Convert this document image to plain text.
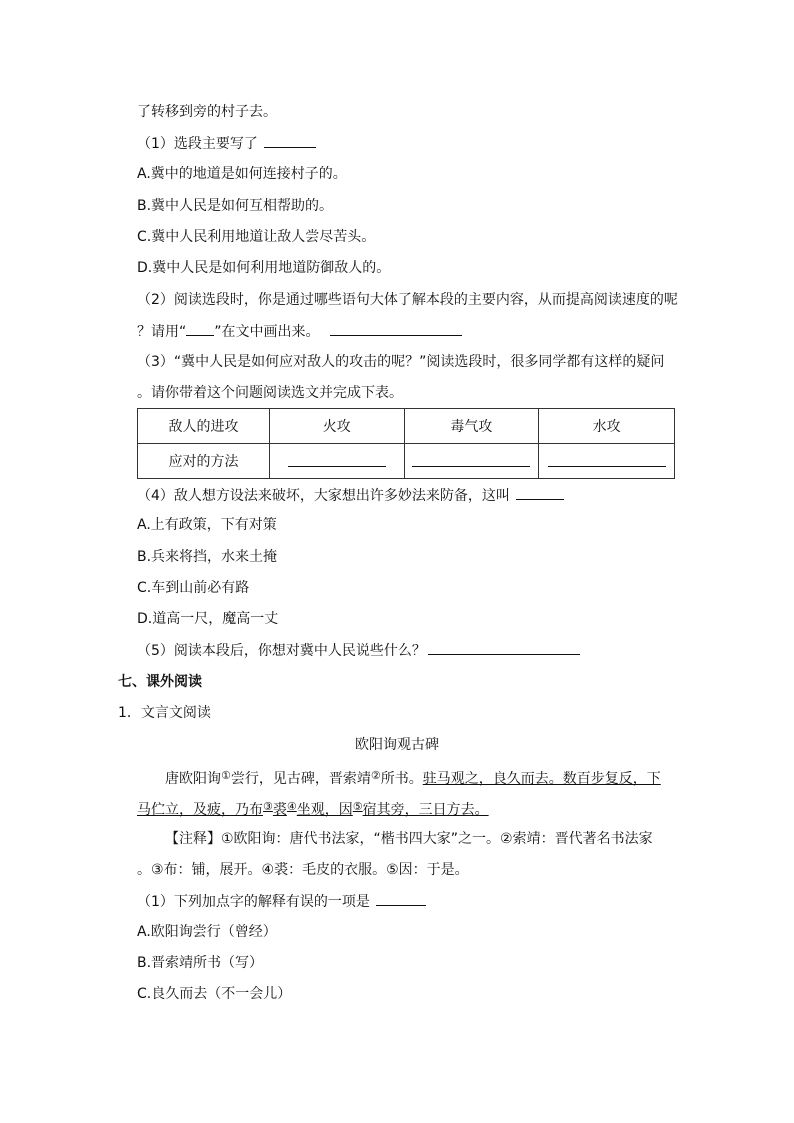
了转移到旁的村子去。
（1）选段主要写了
A.冀中的地道是如何连接村子的。
B.冀中人民是如何互相帮助的。
C.冀中人民利用地道让敌人尝尽苦头。
D.冀中人民是如何利用地道防御敌人的。
（2）阅读选段时，你是通过哪些语句大体了解本段的主要内容，从而提高阅读速度的呢
？请用“ ”在文中画出来。
（3）“冀中人民是如何应对敌人的攻击的呢？”阅读选段时，很多同学都有这样的疑问
。请你带着这个问题阅读选文并完成下表。
敌人的进攻	火攻	毒气攻	水攻
应对的方法			
（4）敌人想方设法来破坏，大家想出许多妙法来防备，这叫
A.上有政策，下有对策
B.兵来将挡，水来土掩
C.车到山前必有路
D.道高一尺，魔高一丈
（5）阅读本段后，你想对冀中人民说些什么？
七、课外阅读
1．文言文阅读
欧阳询观古碑
唐欧阳询①尝行，见古碑，晋索靖②所书。驻马观之，良久而去。数百步复反，下
马伫立，及疲，乃布③裘④坐观，因⑤宿其旁，三日方去。
【注释】①欧阳询：唐代书法家，“楷书四大家”之一。②索靖：晋代著名书法家
。③布：铺，展开。④裘：毛皮的衣服。⑤因：于是。
（1）下列加点字的解释有误的一项是
A.欧阳询尝行（曾经）
B.晋索靖所书（写）
C.良久而去（不一会儿）
